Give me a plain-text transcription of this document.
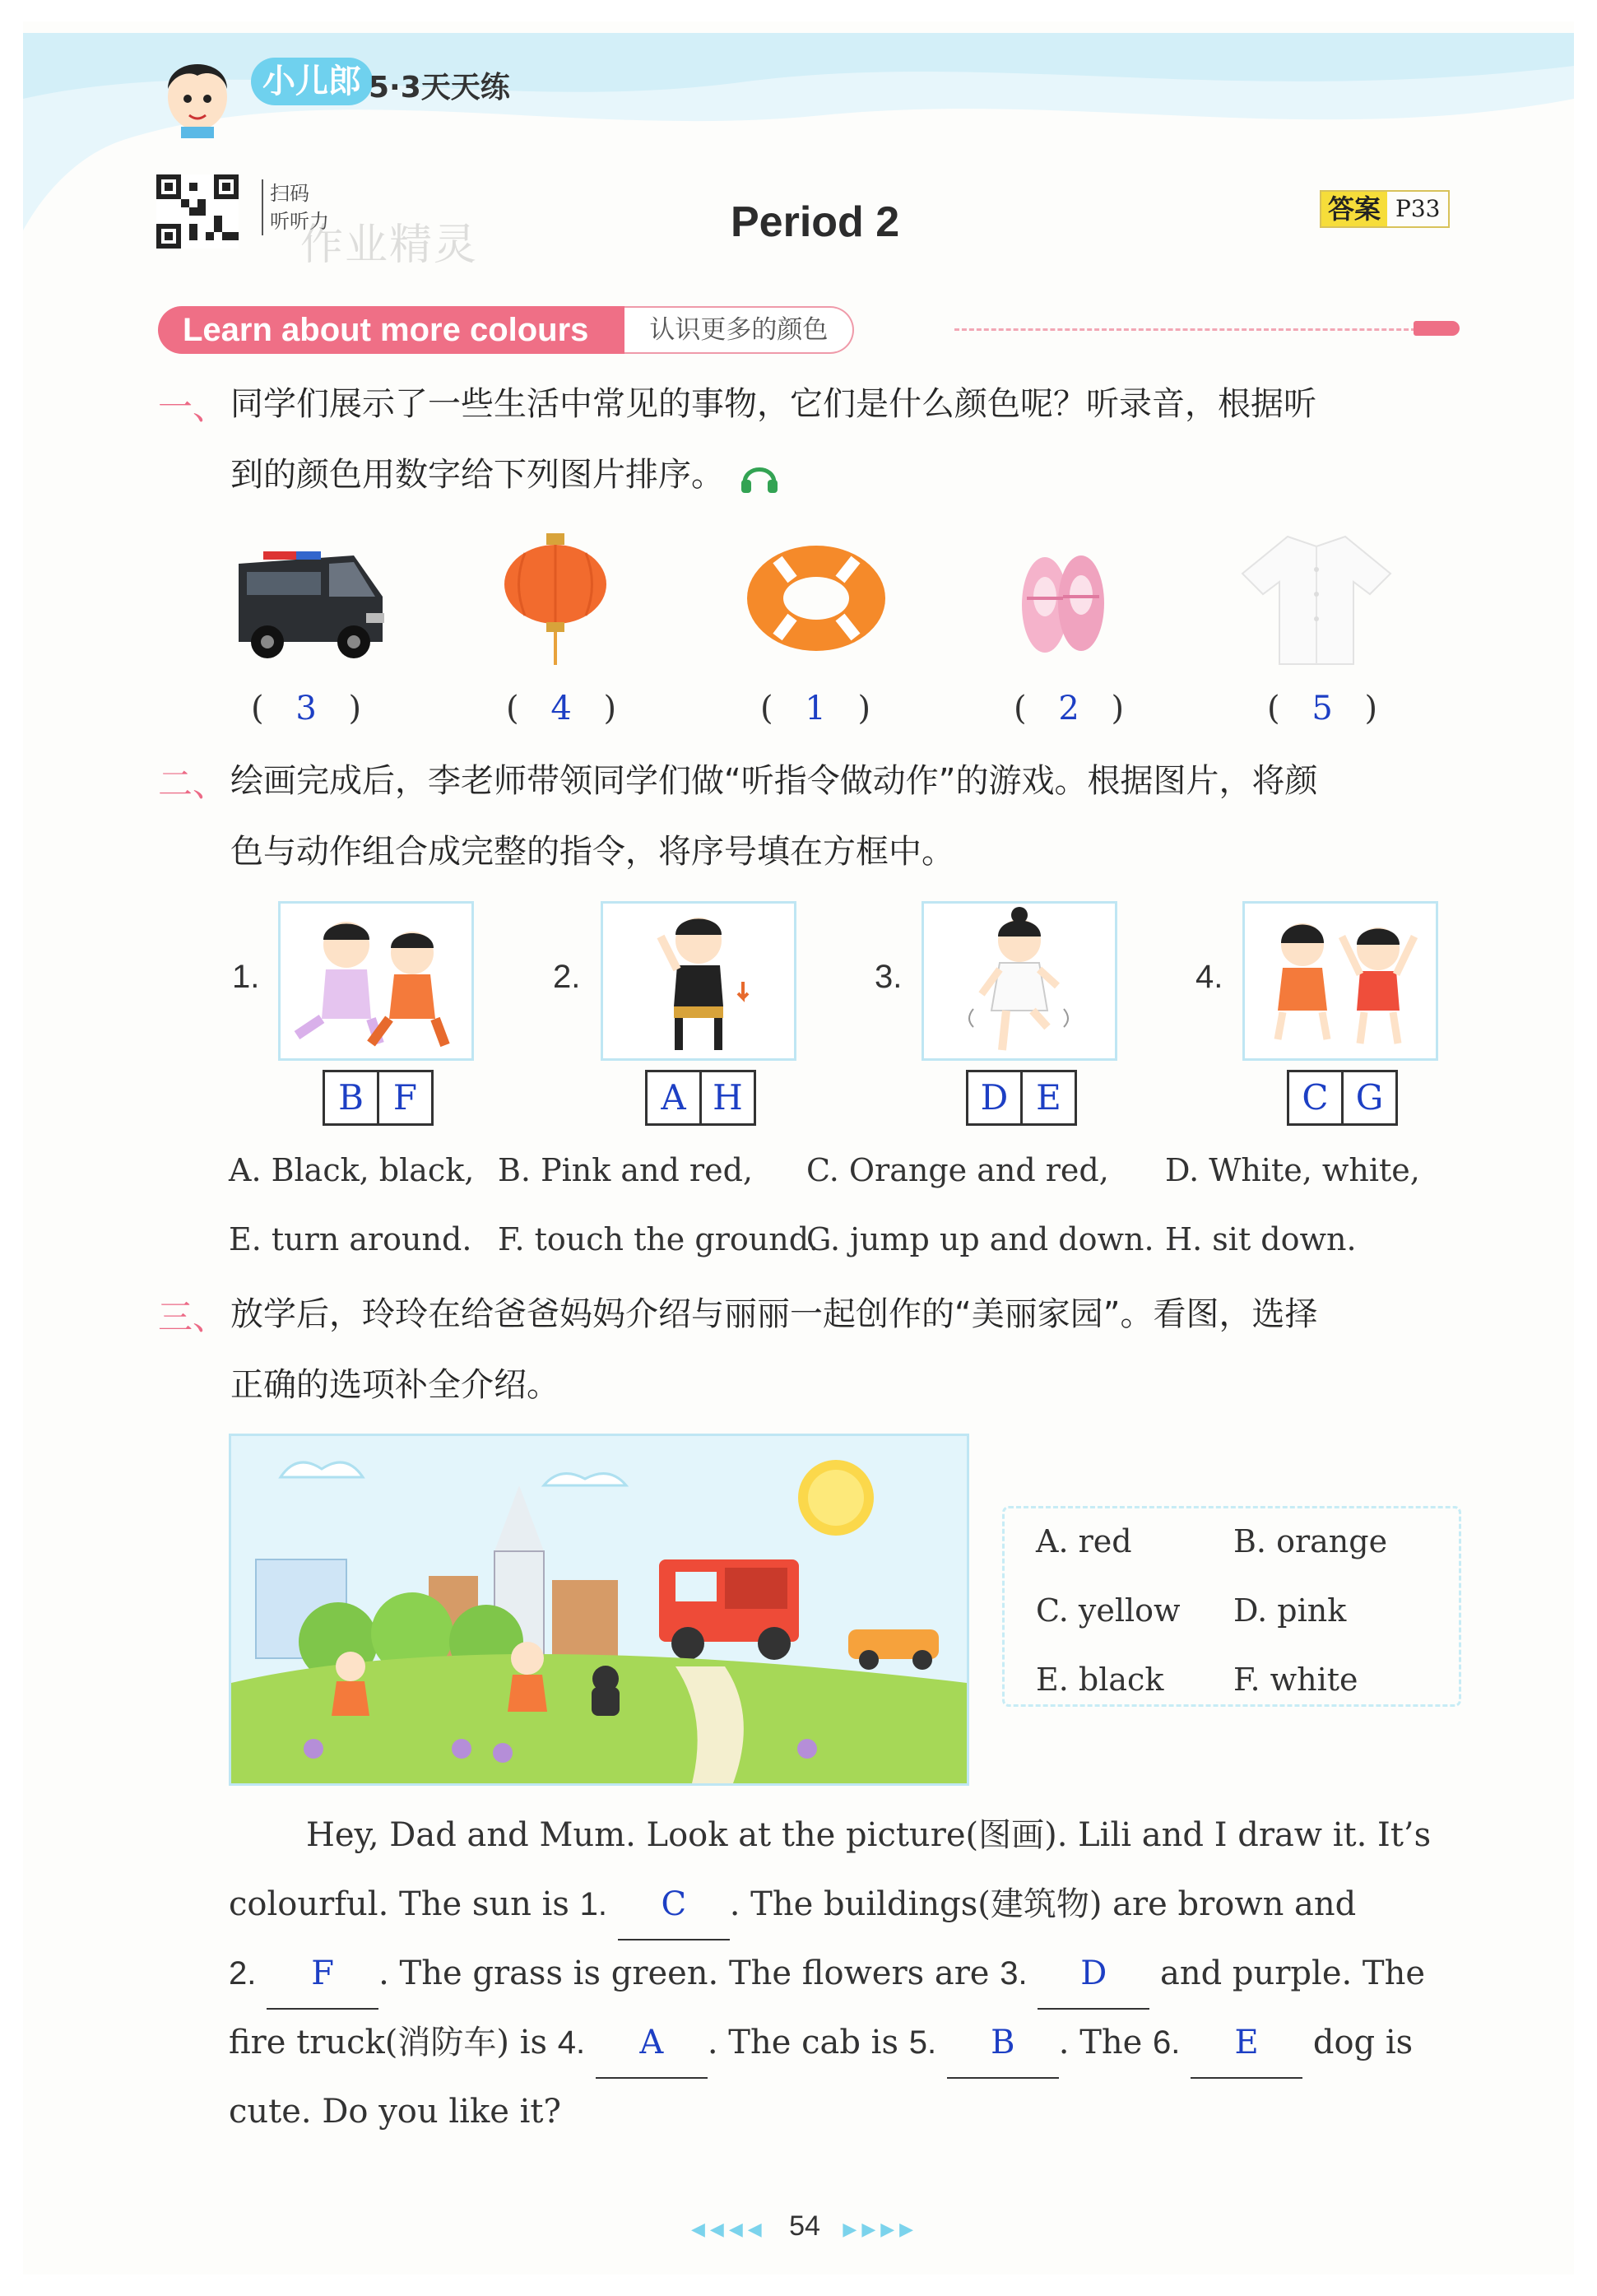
小儿郎 5·3天天练
扫码
听听力
作业精灵	Period 2	答案 P33
Learn about more colours	认识更多的颜色
一、 同学们展示了一些生活中常见的事物，它们是什么颜色呢？听录音，根据听
到的颜色用数字给下列图片排序。
( 3 )	( 4 )	( 1 )	( 2 )	( 5 )
二、 绘画完成后，李老师带领同学们做“听指令做动作”的游戏。根据图片，将颜
色与动作组合成完整的指令，将序号填在方框中。
1.
B F
2.
A H
3.
D E
4.
C G
A. Black, black, B. Pink and red, C. Orange and red, D. White, white,
E. turn around. F. touch the ground.
G. jump up and down. H. sit down.
三、 放学后，玲玲在给爸爸妈妈介绍与丽丽一起创作的“美丽家园”。看图，选择
正确的选项补全介绍。
A. red	B. orange
C. yellow D. pink
E. black F. white
Hey, Dad and Mum. Look at the picture(图画). Lili and I draw it. It’s
colourful. The sun is 1. C . The buildings(建筑物) are brown and
2. F . The grass is green. The flowers are 3. D and purple. The
fire truck(消防车) is 4. A . The cab is 5. B . The 6. E dog is
cute. Do you like it?
◀◀◀◀ 54 ▶▶▶▶
